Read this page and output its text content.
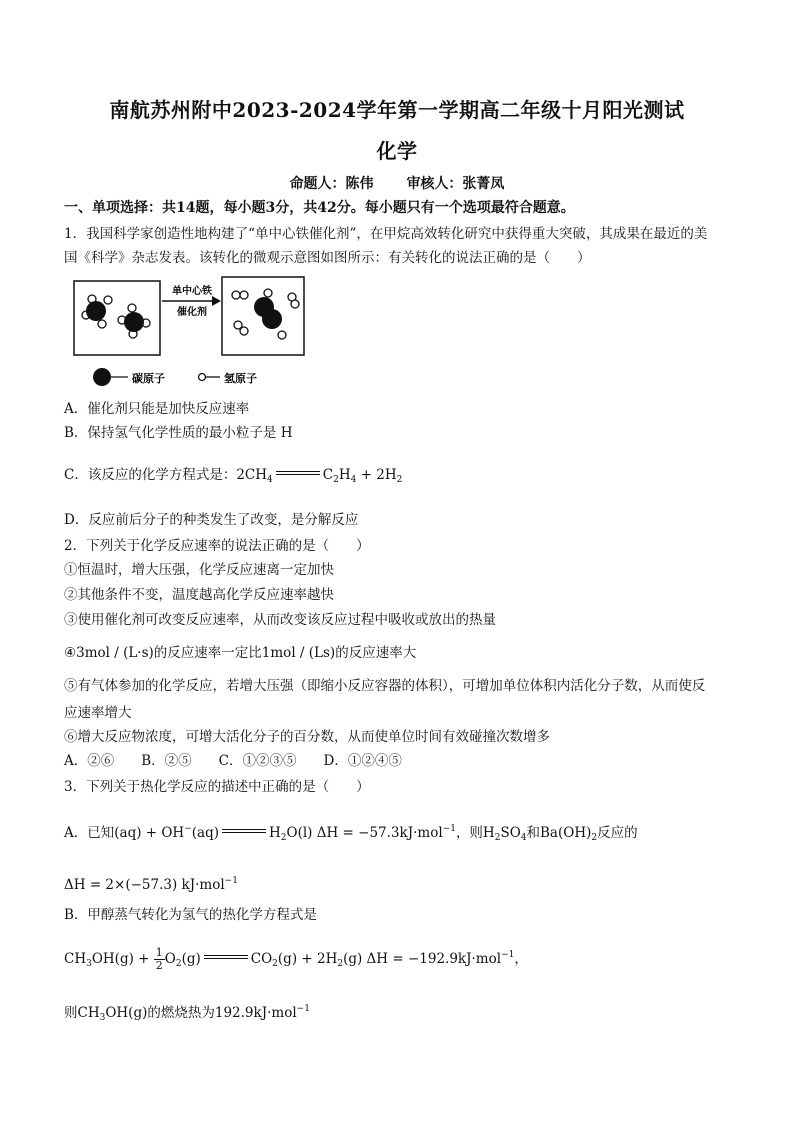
南航苏州附中2023-2024学年第一学期高二年级十月阳光测试
化学
命题人：陈伟 审核人：张菁凤
一、单项选择：共14题，每小题3分，共42分。每小题只有一个选项最符合题意。
1．我国科学家创造性地构建了“单中心铁催化剂”，在甲烷高效转化研究中获得重大突破，其成果在最近的美
国《科学》杂志发表。该转化的微观示意图如图所示：有关转化的说法正确的是（　　）
单中心铁
催化剂
碳原子	氢原子
A．催化剂只能是加快反应速率
B．保持氢气化学性质的最小粒子是 H
C．该反应的化学方程式是：$2CH_4$	$C_2H_4 + 2H_2$
D．反应前后分子的种类发生了改变，是分解反应
2．下列关于化学反应速率的说法正确的是（　　）
①恒温时，增大压强，化学反应速离一定加快
②其他条件不变，温度越高化学反应速率越快
③使用催化剂可改变反应速率，从而改变该反应过程中吸收或放出的热量
④3mol / (L·s)的反应速率一定比1mol / (Ls)的反应速率大
⑤有气体参加的化学反应，若增大压强（即缩小反应容器的体积），可增加单位体积内活化分子数，从而使反
应速率增大
⑥增大反应物浓度，可增大活化分子的百分数，从而使单位时间有效碰撞次数增多
A．②⑥　　B．②⑤　　C．①②③⑤　　D．①②④⑤
3．下列关于热化学反应的描述中正确的是（　　）
A．已知(aq) + OH−(aq)	$H_2O(l) \Delta H = -57.3kJ\cdot mol^{-1}$，则$H_2SO_4$和$Ba(OH)_2$反应的
ΔH = 2×(−57.3) kJ·mol$^{-1}$
B．甲醇蒸气转化为氢气的热化学方程式是
$CH_3OH(g) + \frac{1}{2} O_2(g)$	$CO_2(g) + 2H_2(g) \Delta H = -192.9kJ\cdot mol^{-1}$，
则$CH_3OH(g)$的燃烧热为192.9kJ·mol$^{-1}$
